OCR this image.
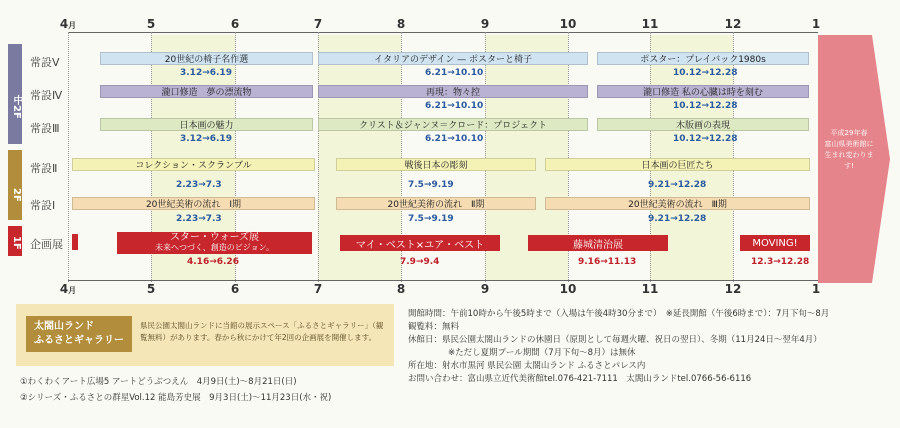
4月	5	6	7	8	9	10	11	12	1
中2F
2F
1F
常設Ⅴ
常設Ⅳ
常設Ⅲ
常設Ⅱ
常設Ⅰ
企画展
20世紀の椅子名作選
3.12→6.19
イタリアのデザイン — ポスターと椅子
6.21→10.10
ポスター：プレイバック1980s
10.12→12.28
瀧口修造　夢の漂流物	再現：物々控
6.21→10.10
瀧口修造 私の心臓は時を刻む
10.12→12.28
日本画の魅力
3.12→6.19
クリスト＆ジャンヌ＝クロード：プロジェクト
6.21→10.10
木版画の表現
10.12→12.28
コレクション・スクランブル
2.23→7.3
戦後日本の彫刻
7.5→9.19
日本画の巨匠たち
9.21→12.28
20世紀美術の流れ　Ⅰ期
2.23→7.3
20世紀美術の流れ　Ⅱ期
7.5→9.19
20世紀美術の流れ　Ⅲ期
9.21→12.28
スター・ウォーズ展
未来へつづく、創造のビジョン。
4.16→6.26
マイ・ベスト×ユア・ベスト
7.9→9.4
藤城清治展
9.16→11.13
MOVING!
12.3→12.28
平成29年春
富山県美術館に
生まれ変わります!
4月	5	6	7	8	9	10	11	12	1
太閤山ランド
ふるさとギャラリー
県民公園太閤山ランドに当館の展示スペース「ふるさとギャラリー」（観覧無料）があります。春から秋にかけて年2回の企画展を開催します。
①わくわくアート広場5 アートどうぶつえん　4月9日(土)～8月21日(日)
②シリーズ・ふるさとの群星Vol.12 能島芳史展　9月3日(土)～11月23日(水・祝)
開館時間：午前10時から午後5時まで（入場は午後4時30分まで）　※延長開館（午後6時まで）：7月下旬～8月
観覧料：無料
休館日：県民公園太閤山ランドの休園日（原則として毎週火曜、祝日の翌日）、冬期（11月24日～翌年4月）
※ただし夏期プール期間（7月下旬～8月）は無休
所在地：射水市黒河 県民公園 太閤山ランド ふるさとパレス内
お問い合わせ：富山県立近代美術館tel.076-421-7111　太閤山ランドtel.0766-56-6116
